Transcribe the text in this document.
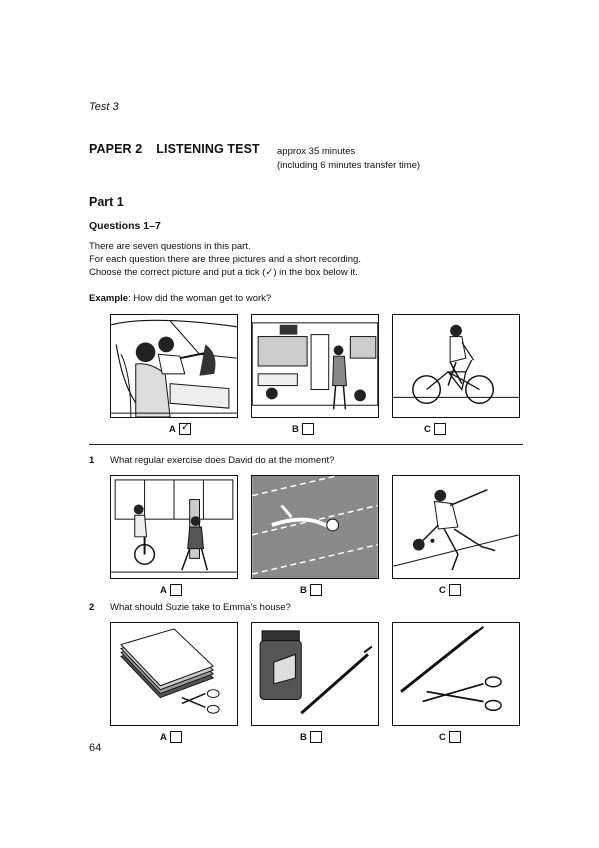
Test 3
PAPER 2 LISTENING TEST approx 35 minutes
(including 6 minutes transfer time)
Part 1
Questions 1–7
There are seven questions in this part.
For each question there are three pictures and a short recording.
Choose the correct picture and put a tick (✓) in the box below it.
Example: How did the woman get to work?
A ✓	B	C
1 What regular exercise does David do at the moment?
A	B	C
2 What should Suzie take to Emma's house?
A	B	C
64
